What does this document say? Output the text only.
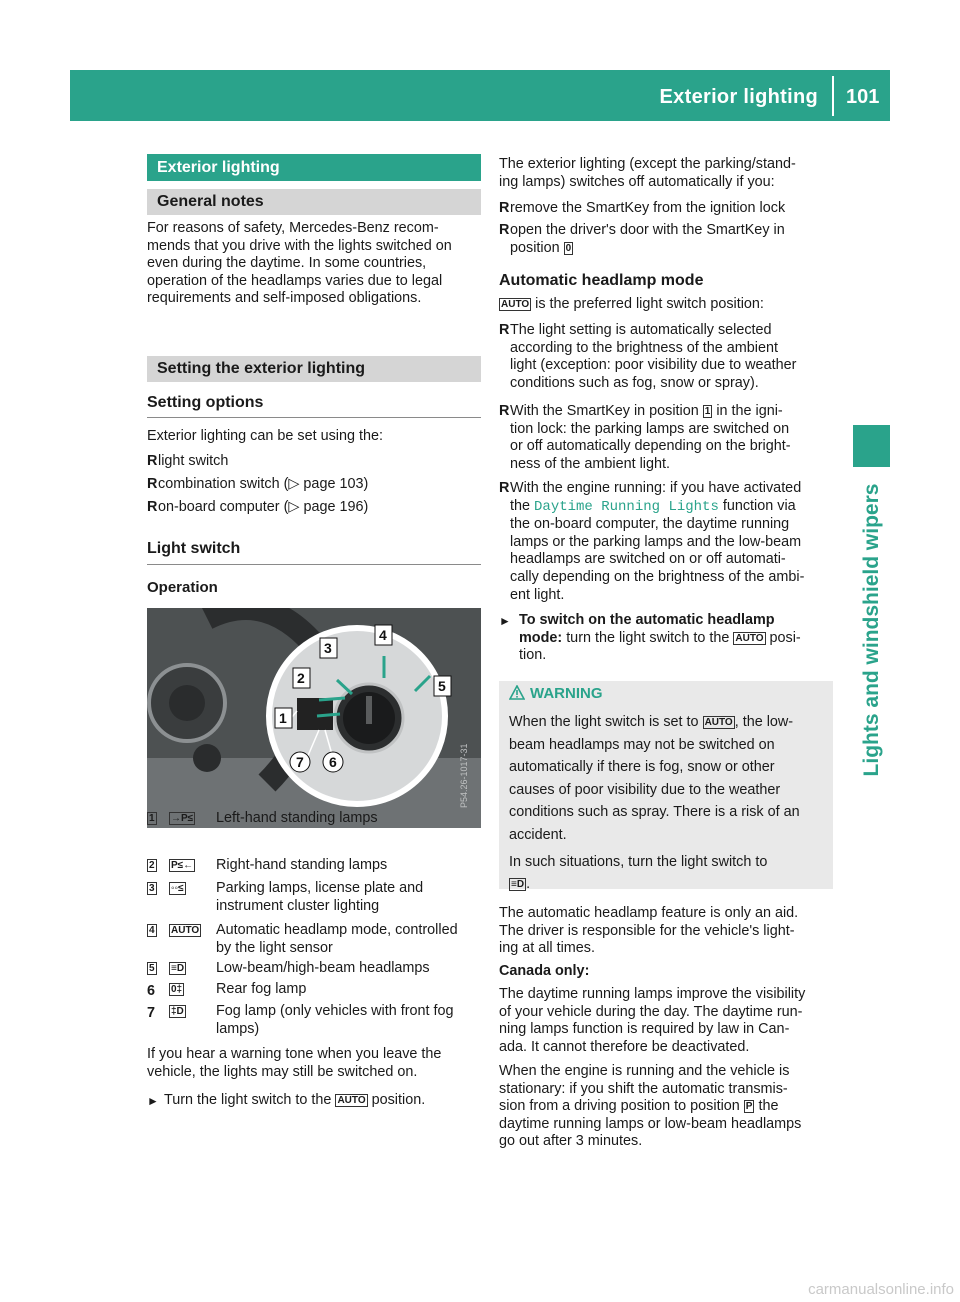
Exterior lighting 101
Lights and windshield wipers
Exterior lighting
General notes
For reasons of safety, Mercedes-Benz recom-
mends that you drive with the lights switched on
even during the daytime. In some countries,
operation of the headlamps varies due to legal
requirements and self-imposed obligations.
Setting the exterior lighting
Setting options
Exterior lighting can be set using the:
R light switch
R combination switch (▷ page 103)
R on-board computer (▷ page 196)
Light switch
Operation
1
2
3
4
5
6
7	P54.26-1017-31
1 →P≤ Left-hand standing lamps
2 P≤← Right-hand standing lamps
3 ◦◦≤ Parking lamps, license plate and
instrument cluster lighting
4 AUTO Automatic headlamp mode, controlled
by the light sensor
5 ≡D Low-beam/high-beam headlamps
6 0‡ Rear fog lamp
7 ‡D Fog lamp (only vehicles with front fog
lamps)
If you hear a warning tone when you leave the
vehicle, the lights may still be switched on.
► Turn the light switch to the AUTO position.
The exterior lighting (except the parking/stand-
ing lamps) switches off automatically if you:
R remove the SmartKey from the ignition lock
R open the driver's door with the SmartKey in
position 0
Automatic headlamp mode
AUTO is the preferred light switch position:
R The light setting is automatically selected
according to the brightness of the ambient
light (exception: poor visibility due to weather
conditions such as fog, snow or spray).
R With the SmartKey in position 1 in the igni-
tion lock: the parking lamps are switched on
or off automatically depending on the bright-
ness of the ambient light.
R With the engine running: if you have activated
the Daytime Running Lights function via
the on-board computer, the daytime running
lamps or the parking lamps and the low-beam
headlamps are switched on or off automati-
cally depending on the brightness of the ambi-
ent light.
► To switch on the automatic headlamp
mode: turn the light switch to the AUTO posi-
tion.
WARNING
When the light switch is set to AUTO , the low-
beam headlamps may not be switched on
automatically if there is fog, snow or other
causes of poor visibility due to the weather
conditions such as spray. There is a risk of an
accident.
In such situations, turn the light switch to
≡D .
The automatic headlamp feature is only an aid.
The driver is responsible for the vehicle's light-
ing at all times.
Canada only:
The daytime running lamps improve the visibility
of your vehicle during the day. The daytime run-
ning lamps function is required by law in Can-
ada. It cannot therefore be deactivated.
When the engine is running and the vehicle is
stationary: if you shift the automatic transmis-
sion from a driving position to position P the
daytime running lamps or low-beam headlamps
go out after 3 minutes.
carmanualsonline.info
